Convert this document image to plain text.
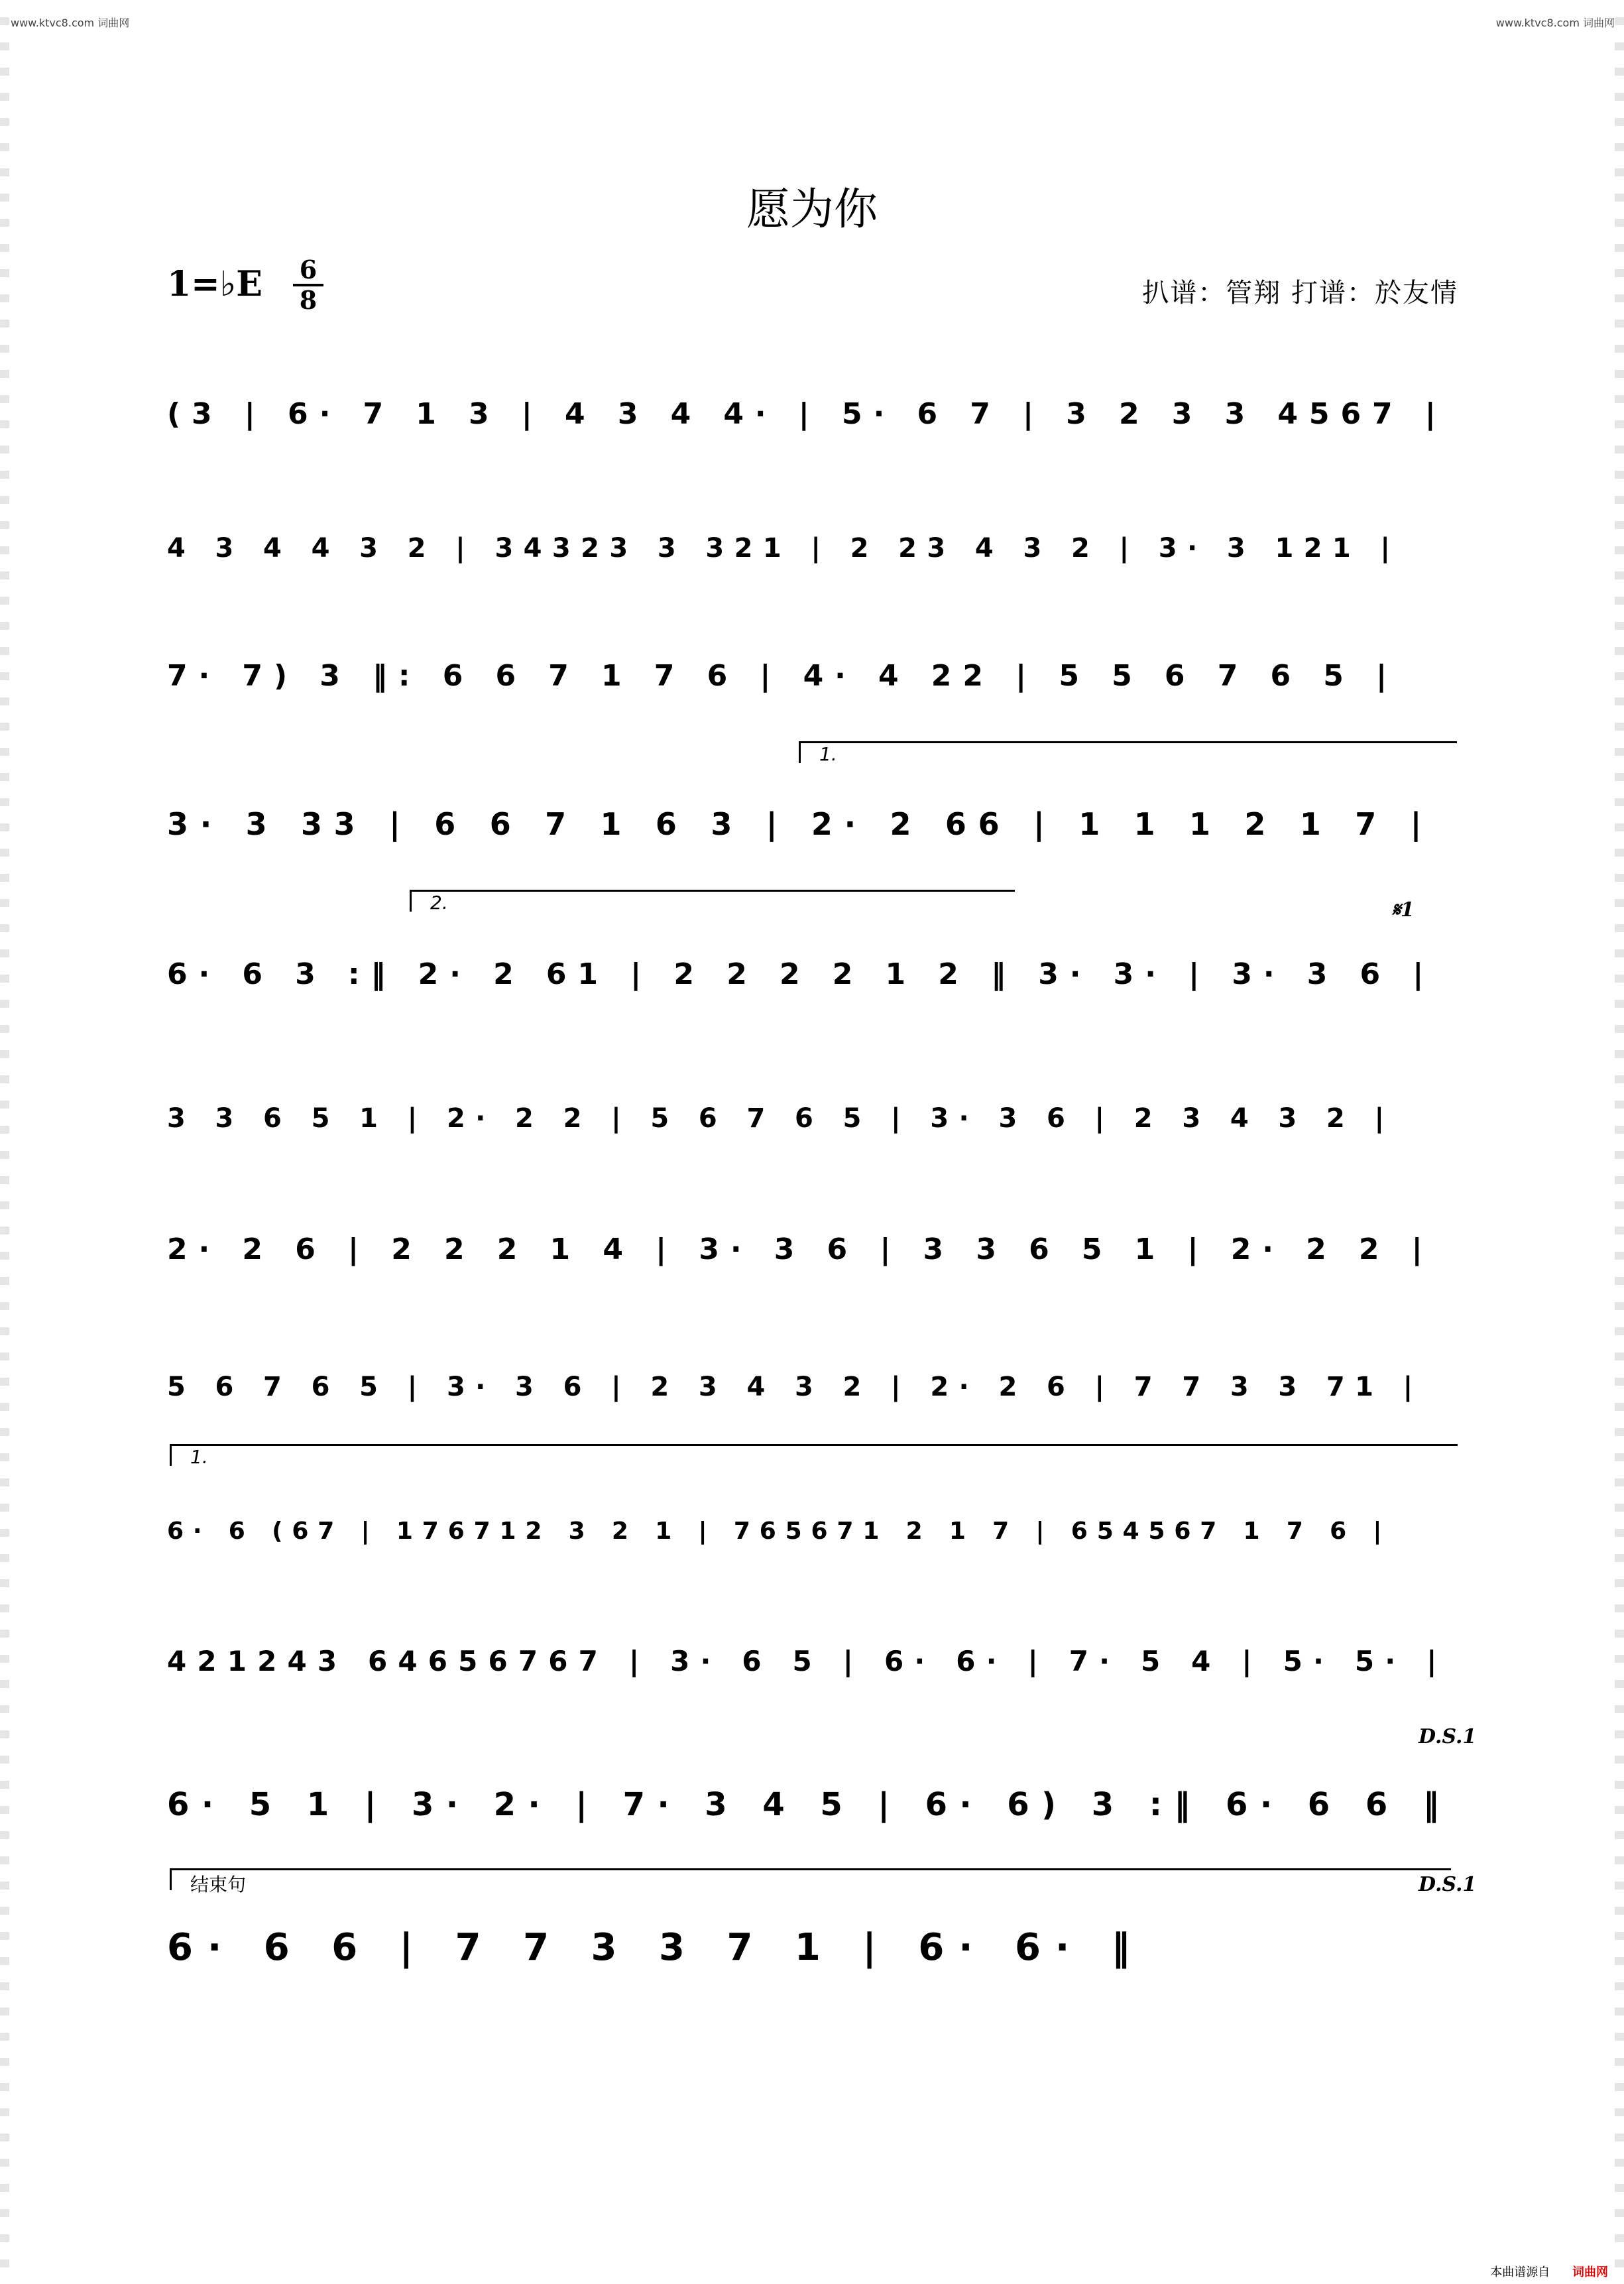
www.ktvc8.com 词曲网	www.ktvc8.com 词曲网
愿为你
1=♭E 6
8	扒谱：管翔 打谱：於友情
(3 | 6· 7 1 3 | 4 3 4 4· | 5· 6 7 | 3 2 3 3 4567 |
4 3 4 4 3 2 | 34323 3 321 | 2 23 4 3 2 | 3· 3 121 |
7· 7) 3 ‖: 6 6 7 1 7 6 | 4· 4 22 | 5 5 6 7 6 5 |
3· 3 33 | 6 6 7 1 6 3 | 2· 2 66 | 1 1 1 2 1 7 |
6· 6 3 :‖ 2· 2 61 | 2 2 2 2 1 2 ‖ 3· 3· | 3· 3 6 |
3 3 6 5 1 | 2· 2 2 | 5 6 7 6 5 | 3· 3 6 | 2 3 4 3 2 |
2· 2 6 | 2 2 2 1 4 | 3· 3 6 | 3 3 6 5 1 | 2· 2 2 |
5 6 7 6 5 | 3· 3 6 | 2 3 4 3 2 | 2· 2 6 | 7 7 3 3 71 |
6· 6 (67 | 176712 3 2 1 | 765671 2 1 7 | 654567 1 7 6 |
421243 64656767 | 3· 6 5 | 6· 6· | 7· 5 4 | 5· 5· |
6· 5 1 | 3· 2· | 7· 3 4 5 | 6· 6) 3 :‖ 6· 6 6 ‖
6· 6 6 | 7 7 3 3 7 1 | 6· 6· ‖
1.
2.
1.
结束句
𝄋1
D.S.1
D.S.1
本曲谱源自 词曲网
